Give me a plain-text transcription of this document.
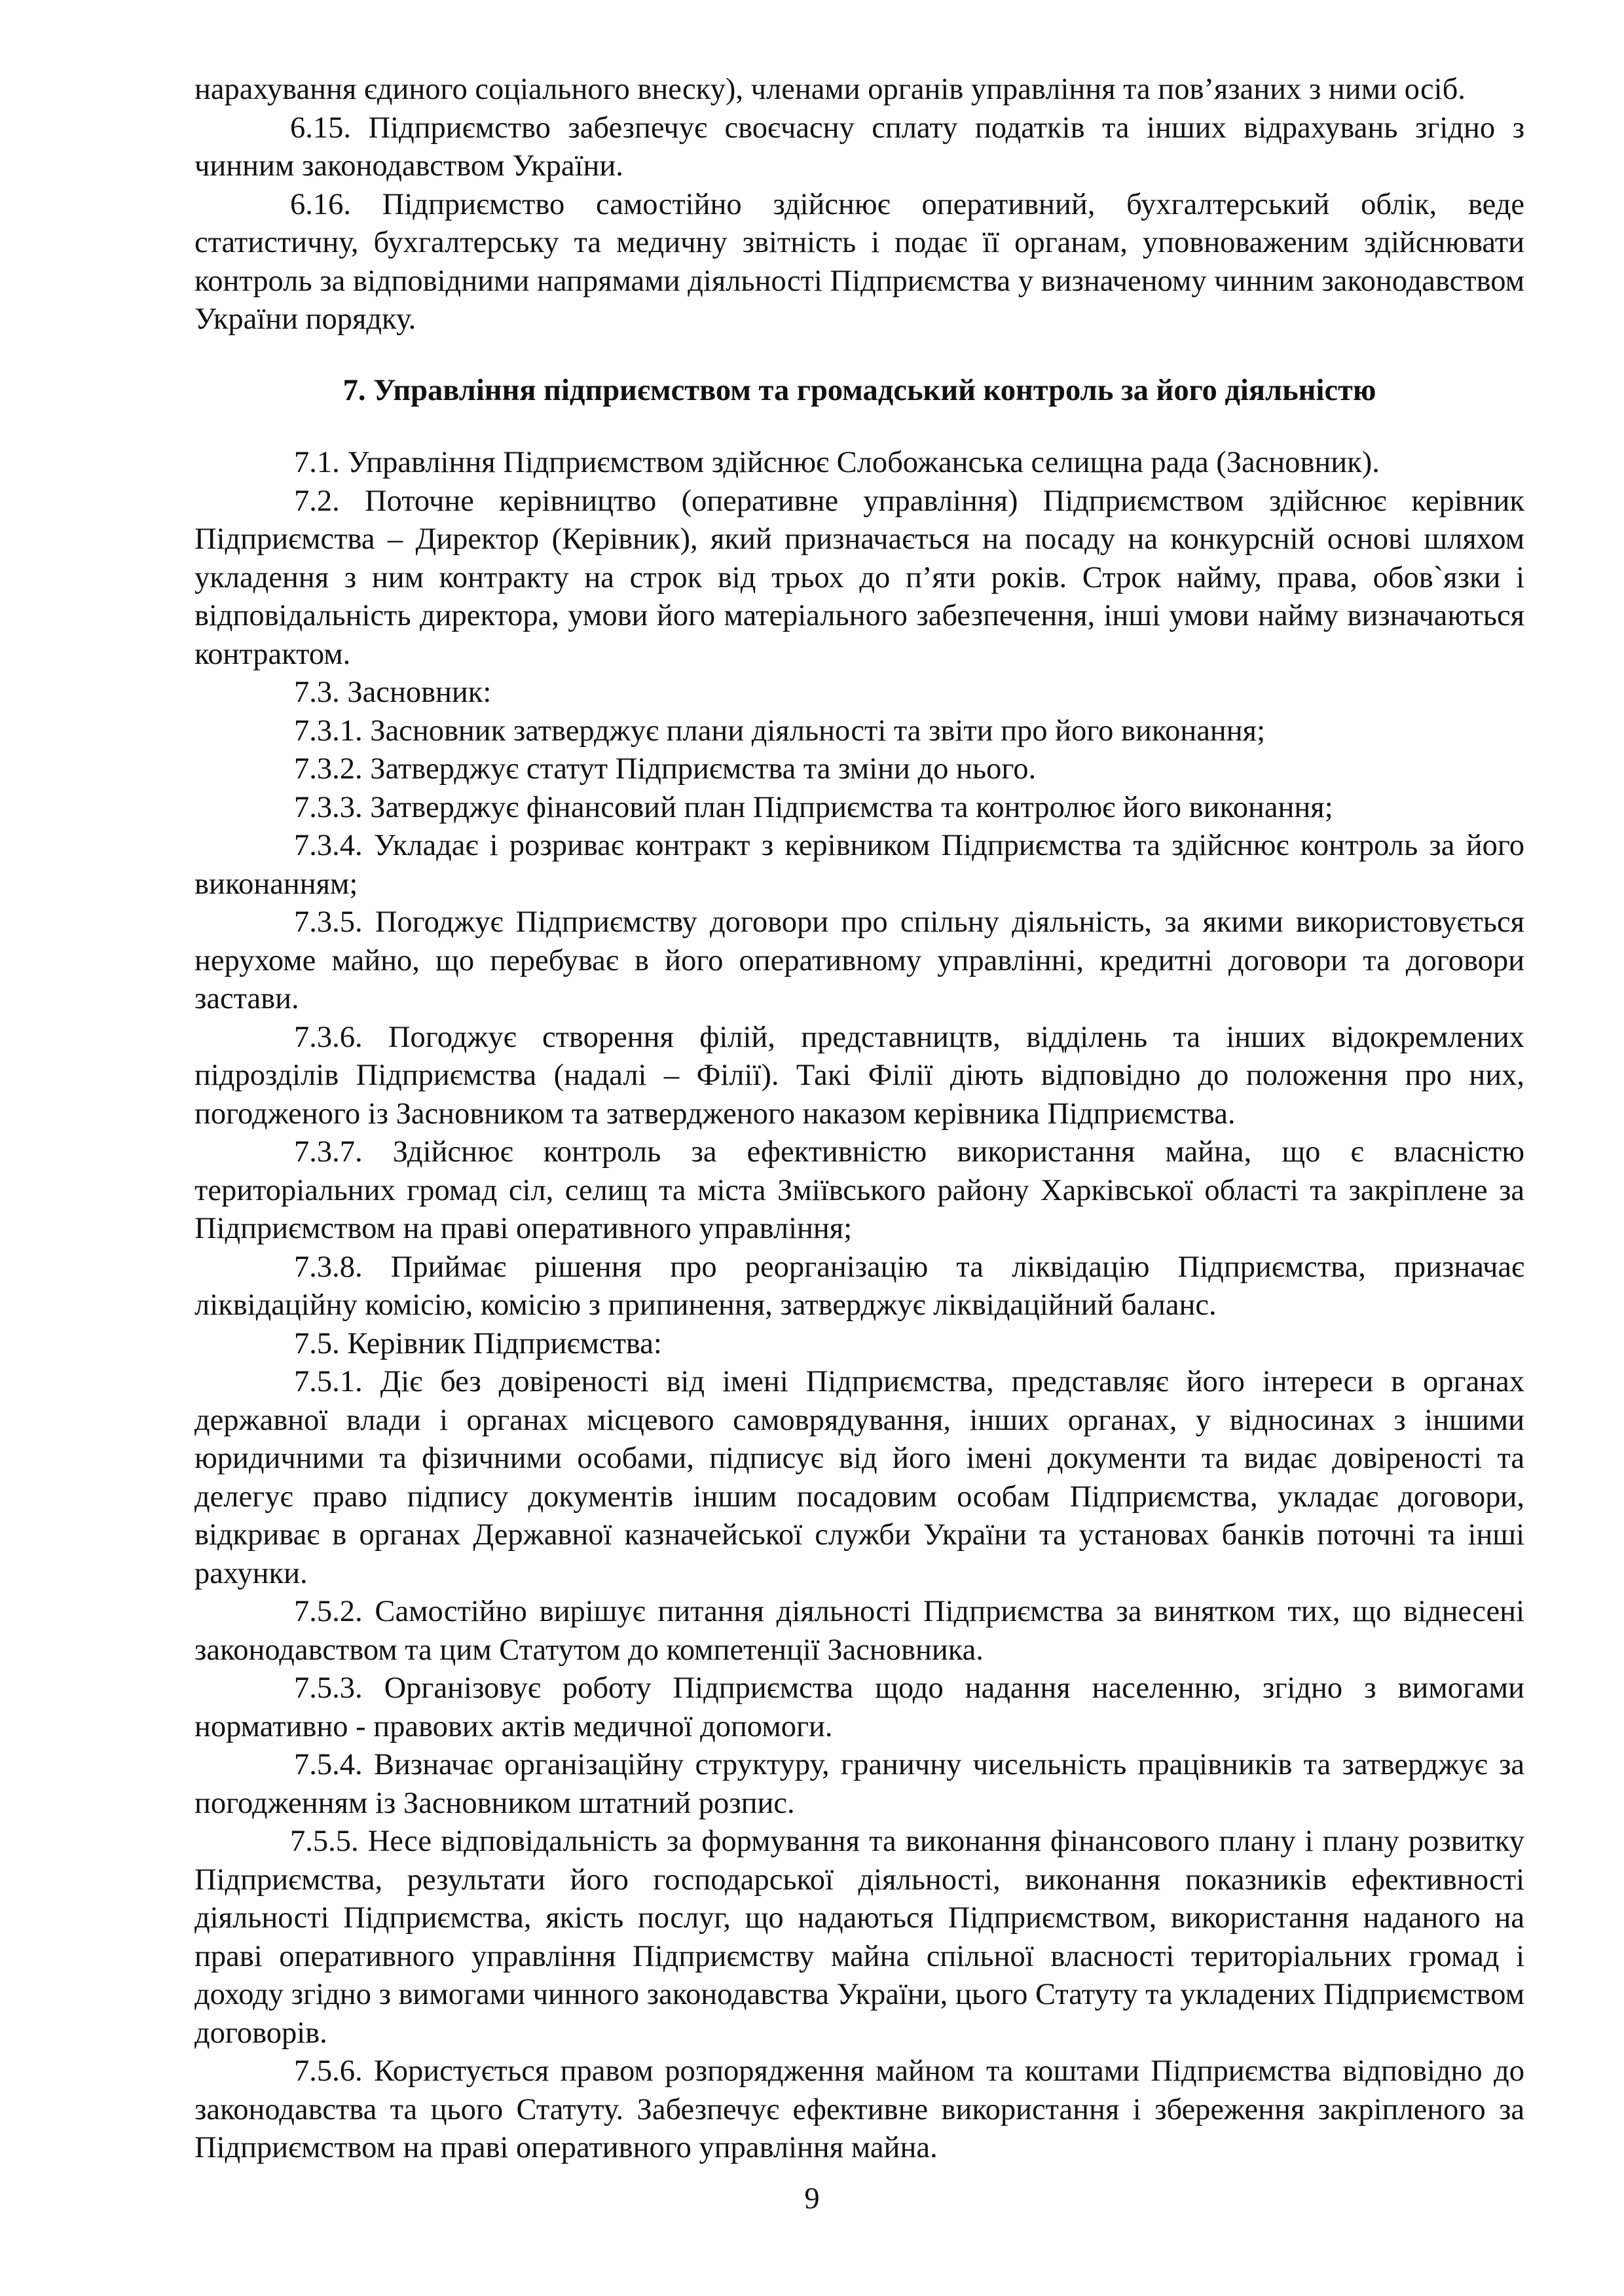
нарахування єдиного соціального внеску), членами органів управління та пов’язаних з ними осіб.

6.15. Підприємство забезпечує своєчасну сплату податків та інших відрахувань згідно з чинним законодавством України.

6.16. Підприємство самостійно здійснює оперативний, бухгалтерський облік, веде статистичну, бухгалтерську та медичну звітність і подає її органам, уповноваженим здійснювати контроль за відповідними напрямами діяльності Підприємства у визначеному чинним законодавством України порядку.

7. Управління підприємством та громадський контроль за його діяльністю

7.1. Управління Підприємством здійснює Слобожанська селищна рада (Засновник).

7.2. Поточне керівництво (оперативне управління) Підприємством здійснює керівник Підприємства – Директор (Керівник), який призначається на посаду на конкурсній основі шляхом укладення з ним контракту на строк від трьох до п’яти років. Строк найму, права, обов`язки і відповідальність директора, умови його матеріального забезпечення, інші умови найму визначаються контрактом.

7.3. Засновник:

7.3.1. Засновник затверджує плани діяльності та звіти про його виконання;

7.3.2. Затверджує статут Підприємства та зміни до нього.

7.3.3. Затверджує фінансовий план Підприємства та контролює його виконання;

7.3.4. Укладає і розриває контракт з керівником Підприємства та здійснює контроль за його виконанням;

7.3.5. Погоджує Підприємству договори про спільну діяльність, за якими використовується нерухоме майно, що перебуває в його оперативному управлінні, кредитні договори та договори застави.

7.3.6. Погоджує створення філій, представництв, відділень та інших відокремлених підрозділів Підприємства (надалі – Філії). Такі Філії діють відповідно до положення про них, погодженого із Засновником та затвердженого наказом керівника Підприємства.

7.3.7. Здійснює контроль за ефективністю використання майна, що є власністю територіальних громад сіл, селищ та міста Зміївського району Харківської області та закріплене за Підприємством на праві оперативного управління;

7.3.8. Приймає рішення про реорганізацію та ліквідацію Підприємства, призначає ліквідаційну комісію, комісію з припинення, затверджує ліквідаційний баланс.

7.5. Керівник Підприємства:

7.5.1. Діє без довіреності від імені Підприємства, представляє його інтереси в органах державної влади і органах місцевого самоврядування, інших органах, у відносинах з іншими юридичними та фізичними особами, підписує від його імені документи та видає довіреності та делегує право підпису документів іншим посадовим особам Підприємства, укладає договори, відкриває в органах Державної казначейської служби України та установах банків поточні та інші рахунки.

7.5.2. Самостійно вирішує питання діяльності Підприємства за винятком тих, що віднесені законодавством та цим Статутом до компетенції Засновника.

7.5.3. Організовує роботу Підприємства щодо надання населенню, згідно з вимогами нормативно - правових актів медичної допомоги.

7.5.4. Визначає організаційну структуру, граничну чисельність працівників та затверджує за погодженням із Засновником штатний розпис.

7.5.5. Несе відповідальність за формування та виконання фінансового плану і плану розвитку Підприємства, результати його господарської діяльності, виконання показників ефективності діяльності Підприємства, якість послуг, що надаються Підприємством, використання наданого на праві оперативного управління Підприємству майна спільної власності територіальних громад і доходу згідно з вимогами чинного законодавства України, цього Статуту та укладених Підприємством договорів.

7.5.6. Користується правом розпорядження майном та коштами Підприємства відповідно до законодавства та цього Статуту. Забезпечує ефективне використання і збереження закріпленого за Підприємством на праві оперативного управління майна.

9
